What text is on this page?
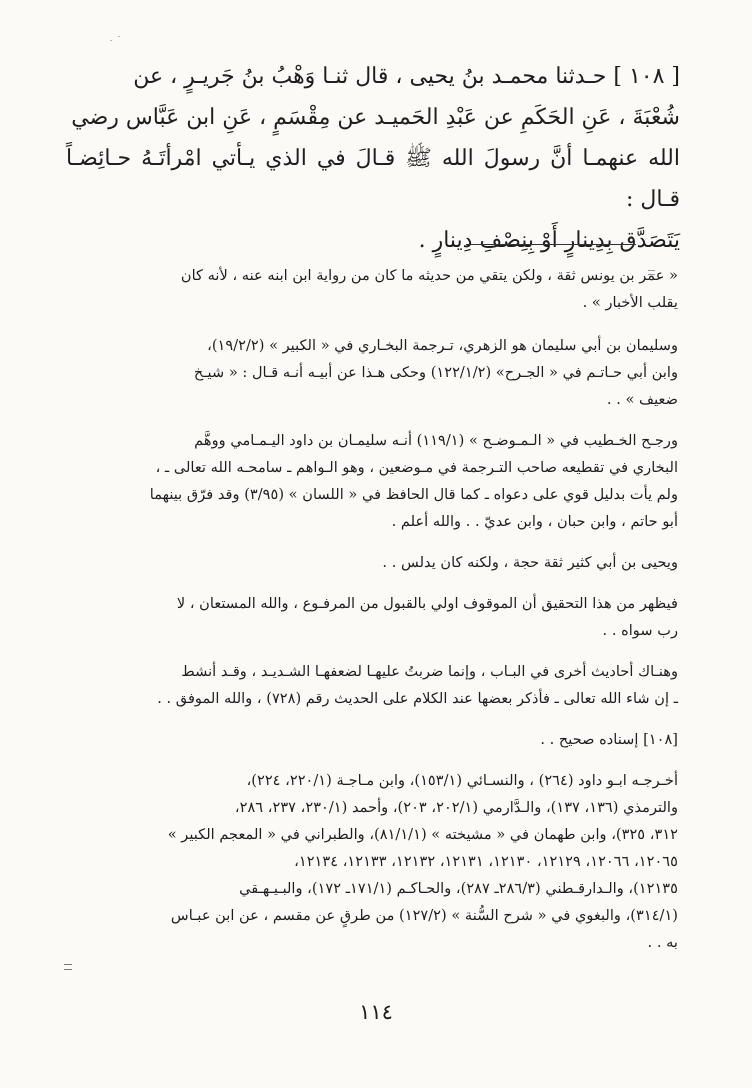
[ ١٠٨ ] حـدثنا محمـد بنُ يحيى ، قال ثنـا وَهْبُ بنُ جَريـرٍ ، عن
شُعْبَةَ ، عَنِ الحَكَمِ عن عَبْدِ الحَميـد عن مِقْسَمٍ ، عَنِ ابن عَبَّاس رضي
الله عنهمـا أنَّ رسولَ الله ﷺ قـالَ في الذي يـأتي امْرأتَـهُ حـائِضـاً قـال :
يَتَصَدَّق بِدِينارٍ أَوْ بِنِصْفِ دِينارٍ .

« عمر بن يونس ثقة ، ولكن يتقي من حديثه ما كان من رواية ابن ابنه عنه ، لأنه كان
يقلب الأخبار » .

وسليمان بن أبي سليمان هو الزهري، تـرجمة البخـاري في « الكبير » (١٩/٢/٢)،
وابن أبي حـاتـم في « الجـرح» (١٢٢/١/٢) وحكى هـذا عن أبيـه أنـه قـال : « شيـخ
ضعيف » . .

ورجـح الخـطيب في « الـمـوضـح » (١١٩/١) أنـه سليمـان بن داود اليـمـامي ووهَّم
البخاري في تقطيعه صاحب التـرجمة في مـوضعين ، وهو الـواهم ـ سامحـه الله تعالى ـ ،
ولم يأت بدليل قوي على دعواه ـ كما قال الحافظ في « اللسان » (٣/٩٥) وقد فرّق بينهما
أبو حاتم ، وابن حبان ، وابن عديّ . . والله أعلم .

ويحيى بن أبي كثير ثقة حجة ، ولكنه كان يدلس . .

فيظهر من هذا التحقيق أن الموقوف اولي بالقبول من المرفـوع ، والله المستعان ، لا
رب سواه . .

وهنـاك أحاديث أخرى في البـاب ، وإنما ضربتُ عليهـا لضعفهـا الشـديـد ، وقـد أنشط
ـ إن شاء الله تعالى ـ فأذكر بعضها عند الكلام على الحديث رقم (٧٢٨) ، والله الموفق . .

[١٠٨] إسناده صحيح . .

أخـرجـه ابـو داود (٢٦٤) ، والنسـائي (١٥٣/١)، وابن مـاجـة (٢٢٠/١، ٢٢٤)،
والترمذي (١٣٦، ١٣٧)، والـدَّارمي (٢٠٢/١، ٢٠٣)، وأحمد (٢٣٠/١، ٢٣٧، ٢٨٦،
٣١٢، ٣٢٥)، وابن طهمان في « مشيخته » (٨١/١/١)، والطبراني في « المعجم الكبير »
١٢٠٦٥، ١٢٠٦٦، ١٢١٢٩، ١٢١٣٠، ١٢١٣١، ١٢١٣٢، ١٢١٣٣، ١٢١٣٤،
١٢١٣٥)، والـدارقـطني (٢٨٦/٣ـ ٢٨٧)، والحـاكـم (١٧١/١ـ ١٧٢)، والبـيـهـقي
(٣١٤/١)، والبغوي في « شرح السُّنة » (١٢٧/٢) من طرقٍ عن مقسم ، عن ابن عبـاس
به . .

١١٤
